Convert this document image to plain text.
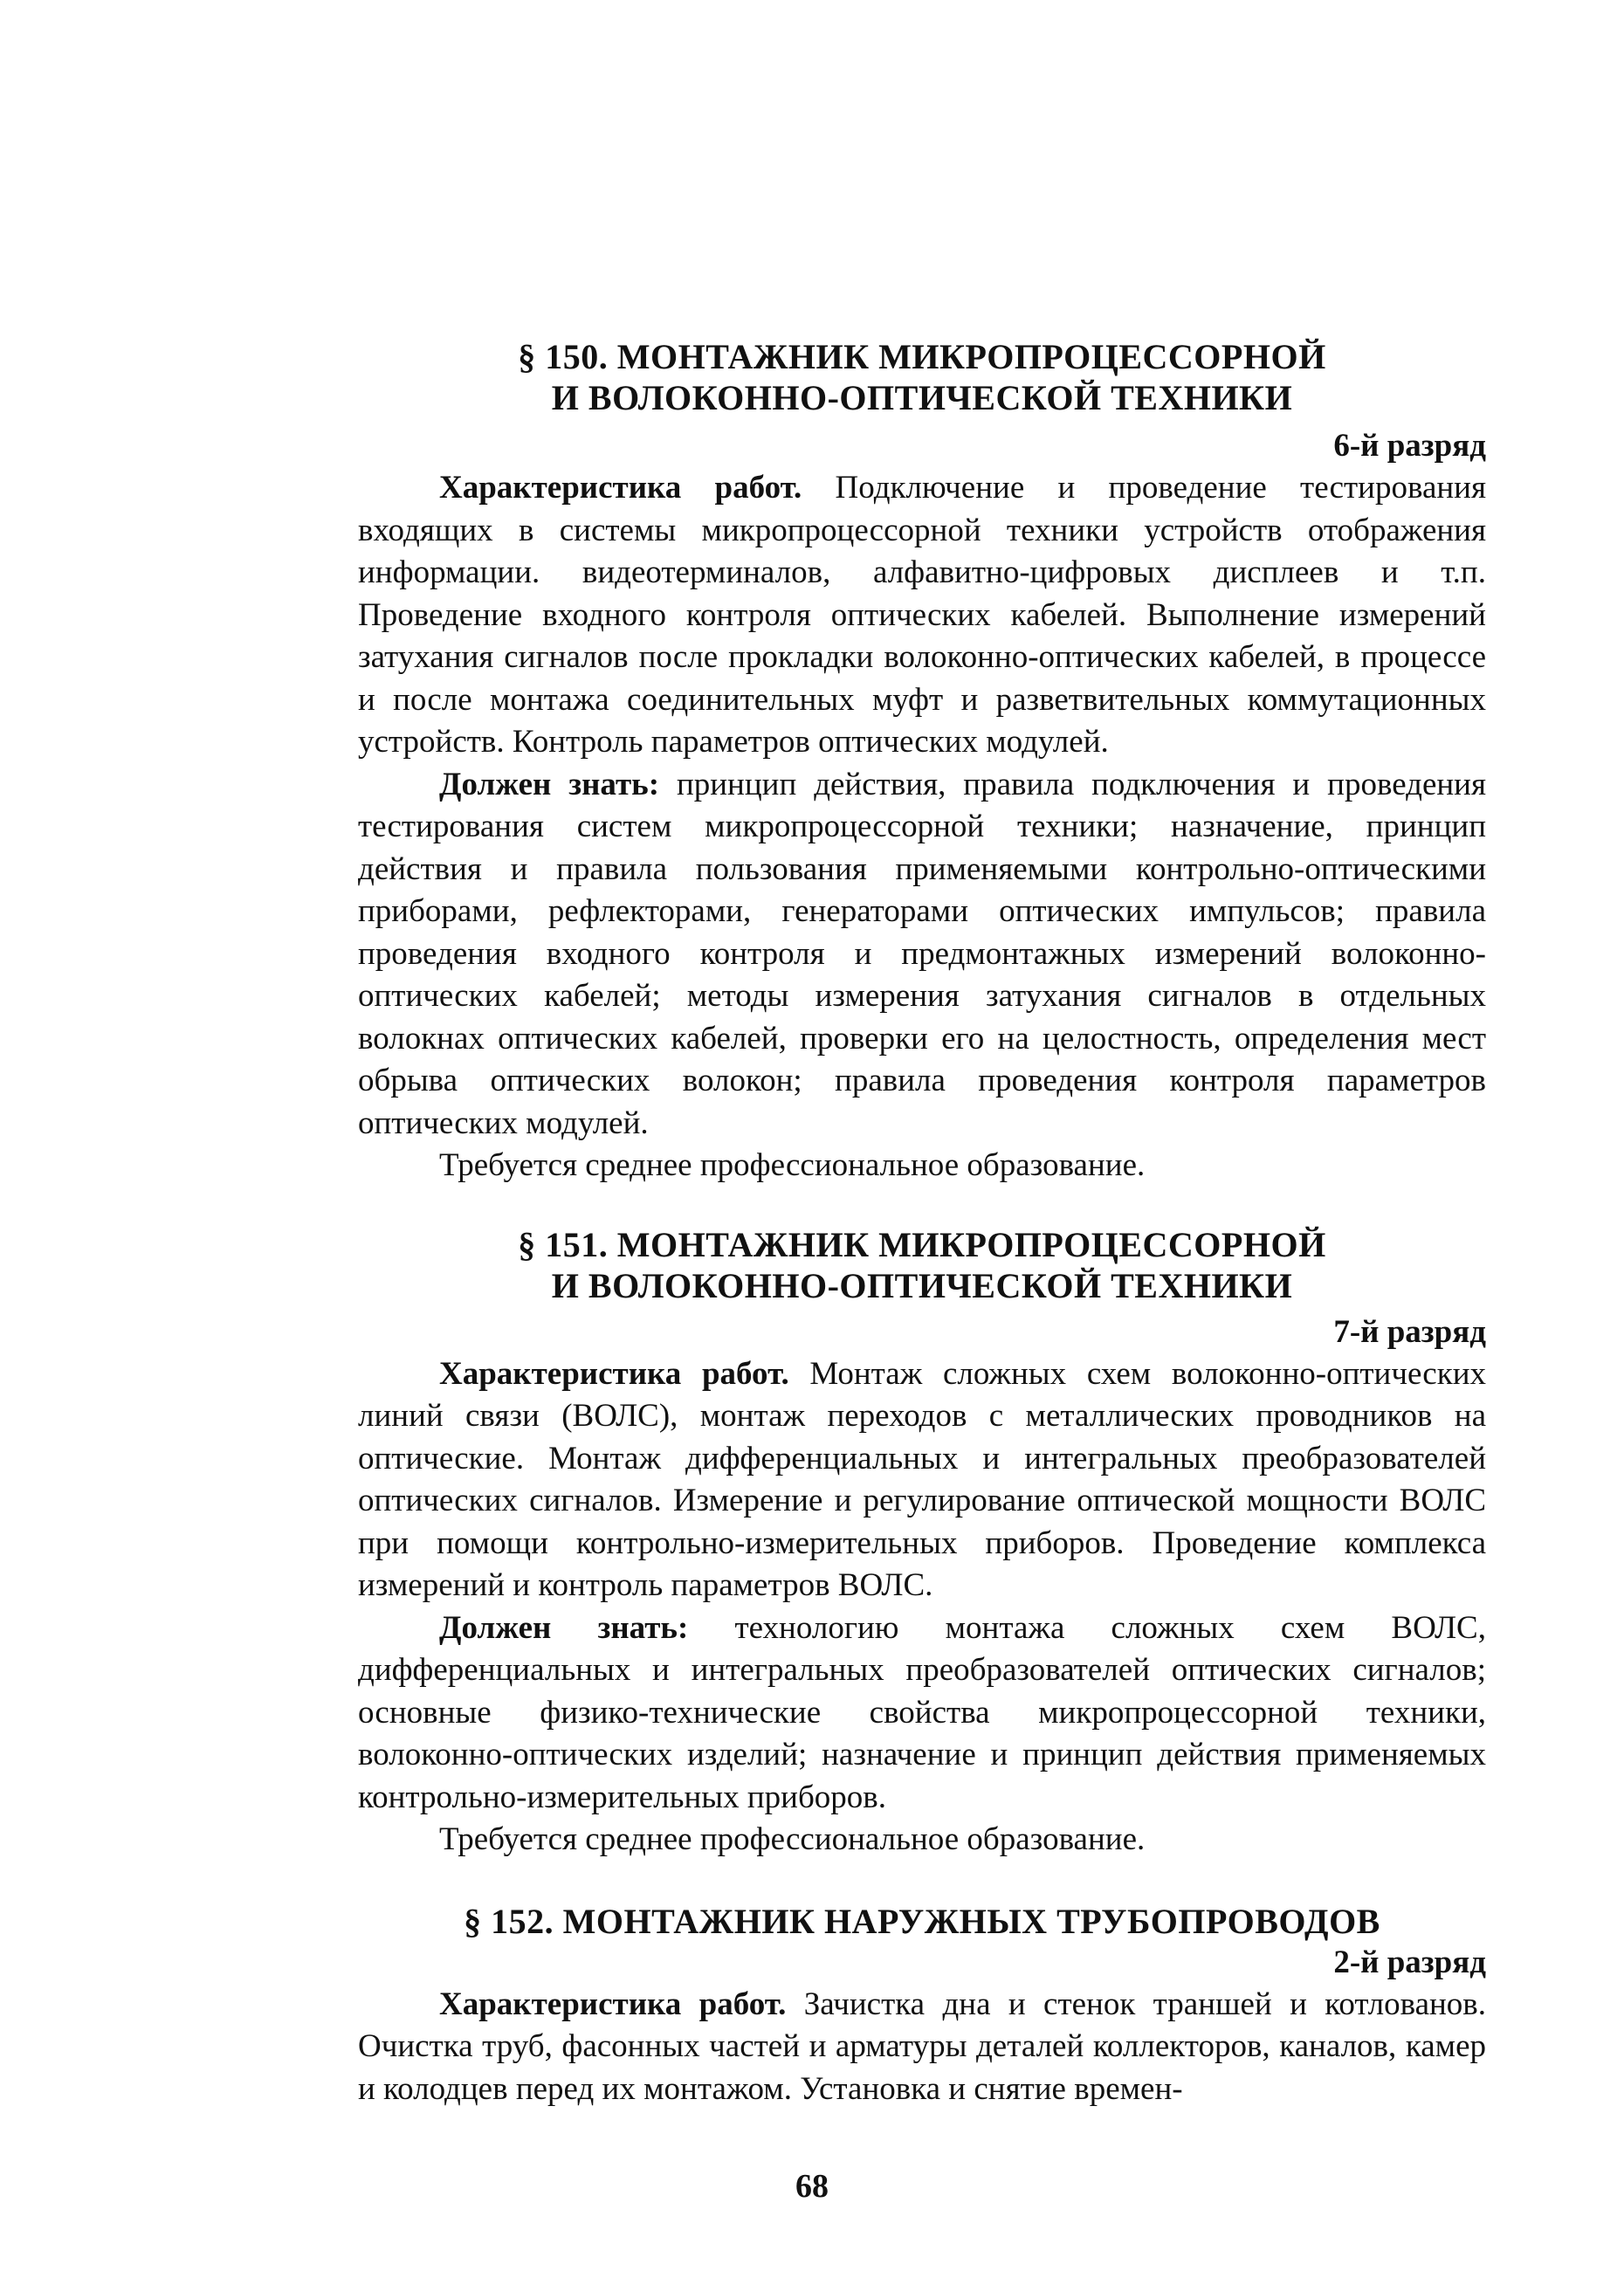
§ 150. МОНТАЖНИК МИКРОПРОЦЕССОРНОЙ

И ВОЛОКОННО-ОПТИЧЕСКОЙ ТЕХНИКИ

6-й разряд

Характеристика работ. Подключение и проведение тестирования входящих в системы микропроцессорной техники устройств отображения информации. видеотерминалов, алфавитно-цифровых дисплеев и т.п. Проведение входного контроля оптических кабелей. Выполнение измерений затухания сигналов после прокладки волоконно-оптических кабелей, в процессе и после монтажа соединительных муфт и разветвительных коммутационных устройств. Контроль параметров оптических модулей.

Должен знать: принцип действия, правила подключения и проведения тестирования систем микропроцессорной техники; назначение, принцип действия и правила пользования применяемыми контрольно-оптическими приборами, рефлекторами, генераторами оптических импульсов; правила проведения входного контроля и предмонтажных измерений волоконно-оптических кабелей; методы измерения затухания сигналов в отдельных волокнах оптических кабелей, проверки его на целостность, определения мест обрыва оптических волокон; правила проведения контроля параметров оптических модулей.

Требуется среднее профессиональное образование.

§ 151. МОНТАЖНИК МИКРОПРОЦЕССОРНОЙ

И ВОЛОКОННО-ОПТИЧЕСКОЙ ТЕХНИКИ

7-й разряд

Характеристика работ. Монтаж сложных схем волоконно-оптических линий связи (ВОЛС), монтаж переходов с металлических проводников на оптические. Монтаж дифференциальных и интегральных преобразователей оптических сигналов. Измерение и регулирование оптической мощности ВОЛС при помощи контрольно-измерительных приборов. Проведение комплекса измерений и контроль параметров ВОЛС.

Должен знать: технологию монтажа сложных схем ВОЛС, дифференциальных и интегральных преобразователей оптических сигналов; основные физико-технические свойства микропроцессорной техники, волоконно-оптических изделий; назначение и принцип действия применяемых контрольно-измерительных приборов.

Требуется среднее профессиональное образование.

§ 152. МОНТАЖНИК НАРУЖНЫХ ТРУБОПРОВОДОВ

2-й разряд

Характеристика работ. Зачистка дна и стенок траншей и котлованов. Очистка труб, фасонных частей и арматуры деталей коллекторов, каналов, камер и колодцев перед их монтажом. Установка и снятие времен-

68
